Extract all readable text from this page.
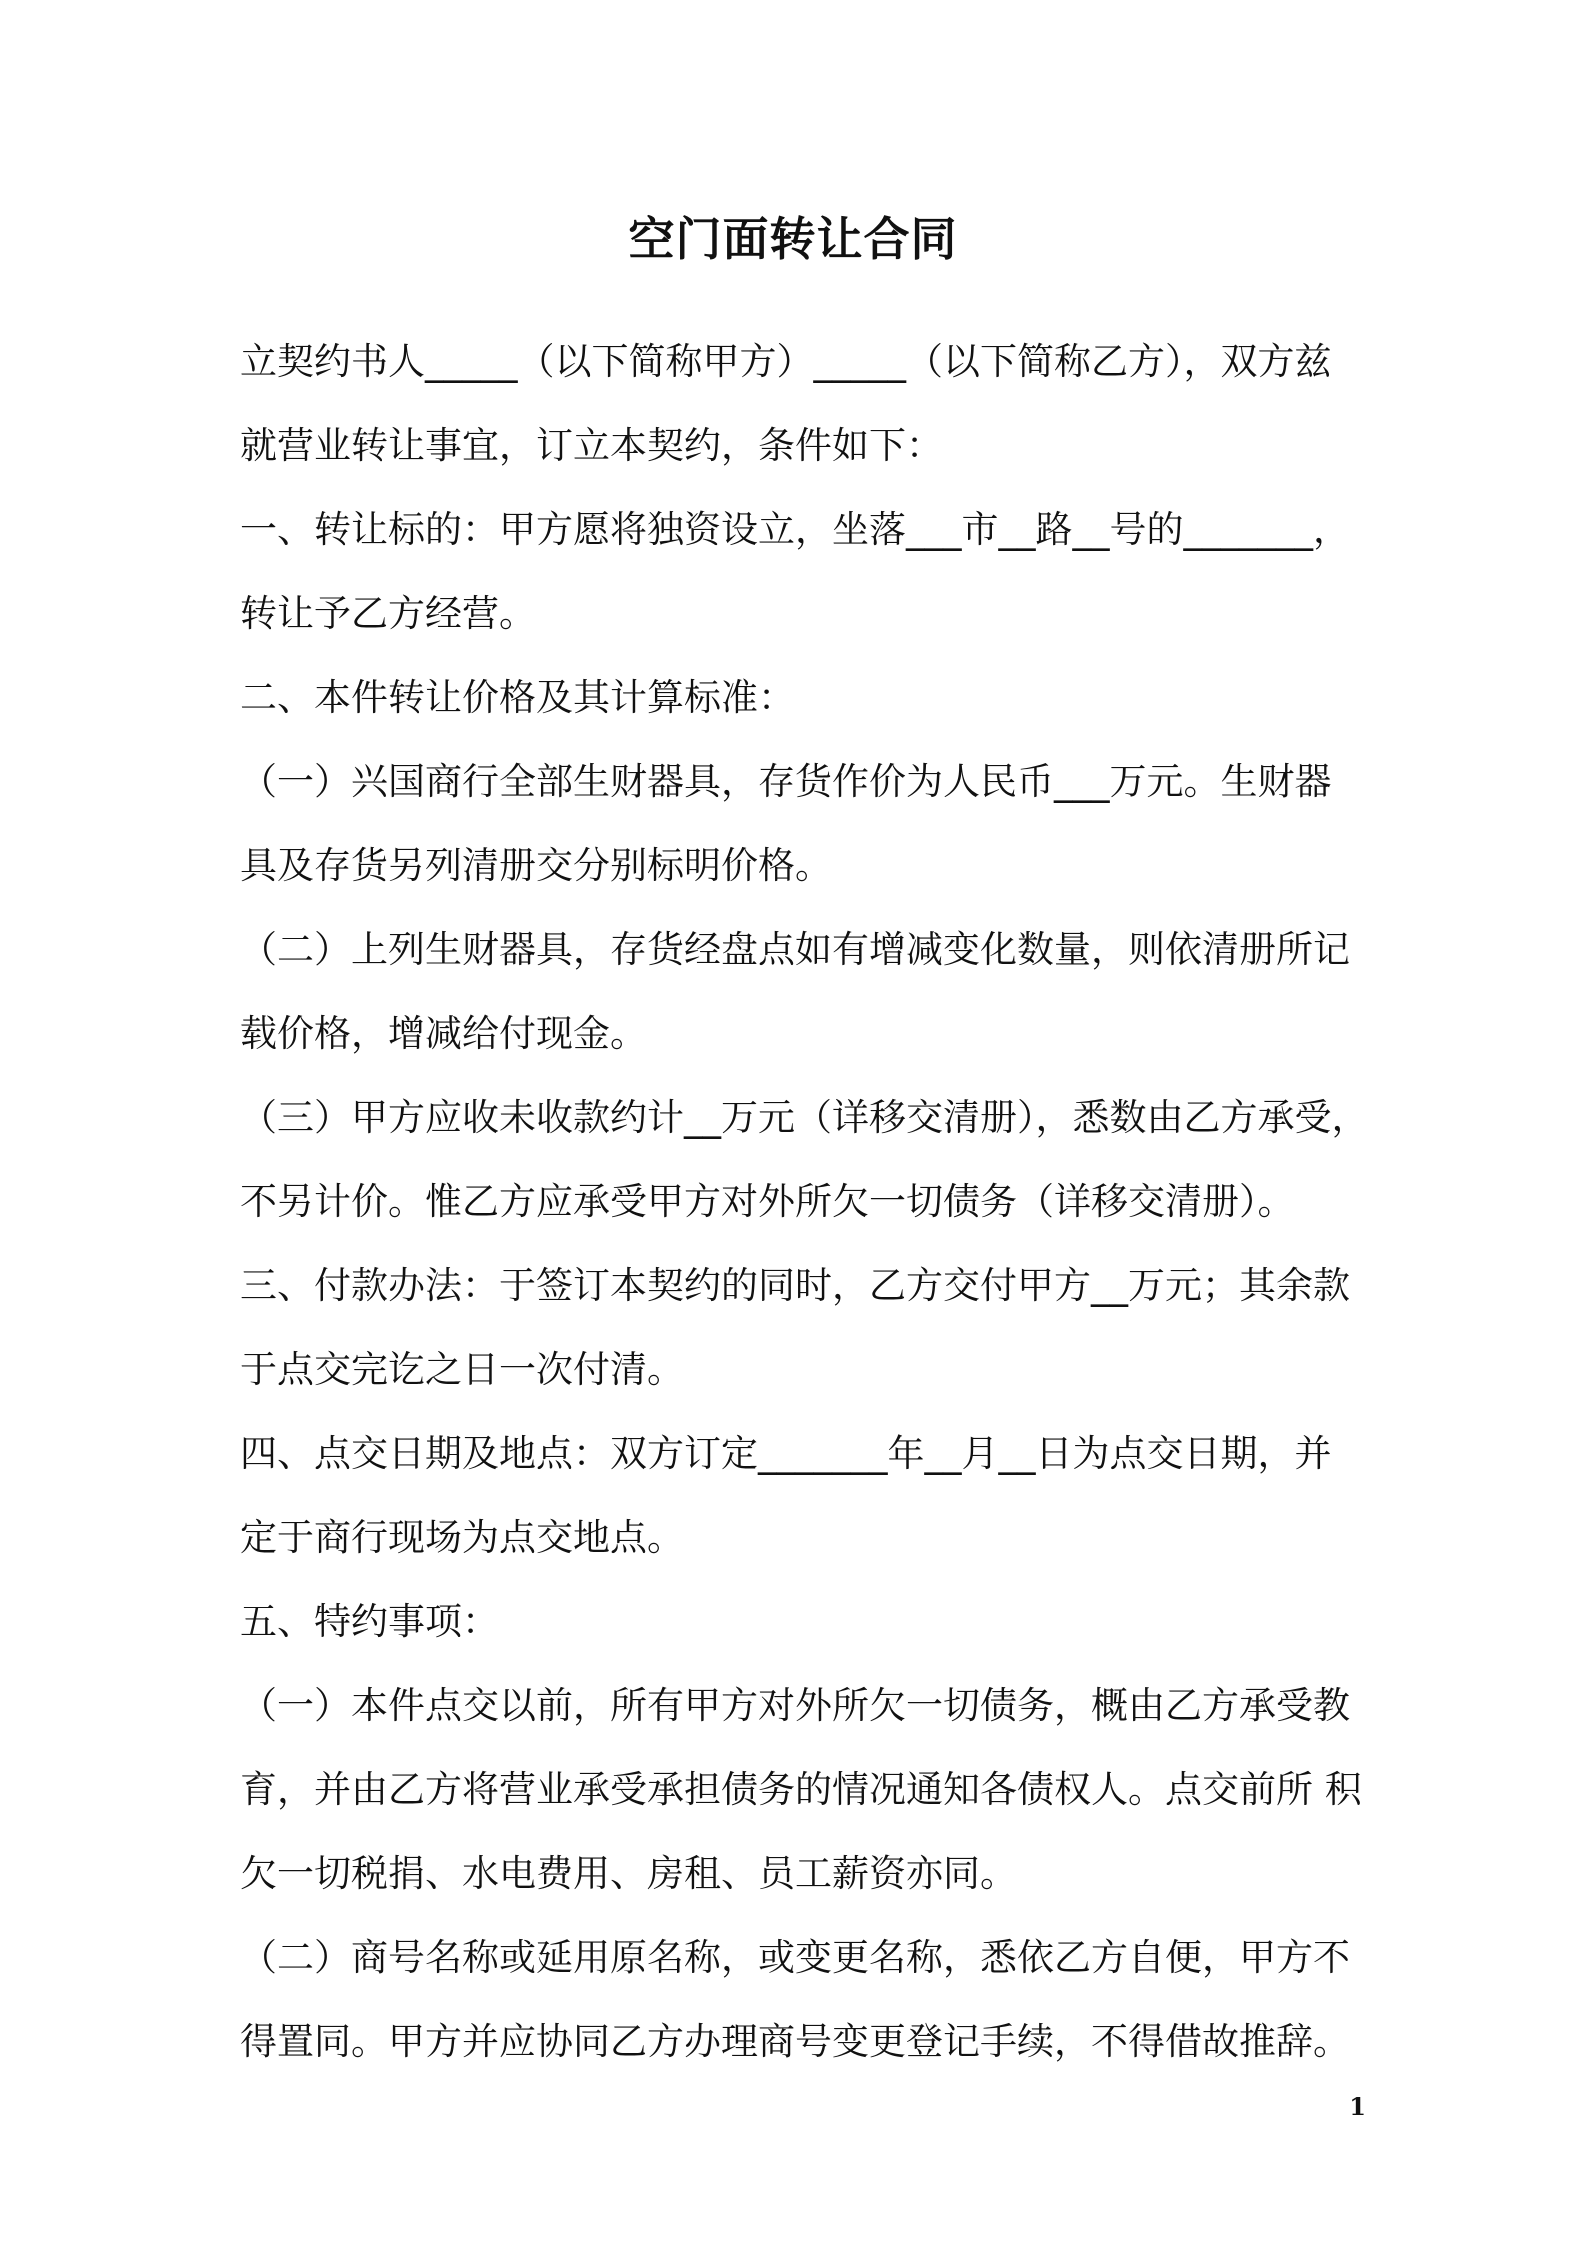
空门面转让合同
立契约书人_____（以下简称甲方）_____（以下简称乙方），双方兹
就营业转让事宜，订立本契约，条件如下：
一、转让标的：甲方愿将独资设立，坐落___市__路__号的_______，
转让予乙方经营。
二、本件转让价格及其计算标准：
（一）兴国商行全部生财器具，存货作价为人民币___万元。生财器
具及存货另列清册交分别标明价格。
（二）上列生财器具，存货经盘点如有增减变化数量，则依清册所记
载价格，增减给付现金。
（三）甲方应收未收款约计__万元（详移交清册），悉数由乙方承受，
不另计价。惟乙方应承受甲方对外所欠一切债务（详移交清册）。
三、付款办法：于签订本契约的同时，乙方交付甲方__万元；其余款
于点交完讫之日一次付清。
四、点交日期及地点：双方订定_______年__月__日为点交日期，并
定于商行现场为点交地点。
五、特约事项：
（一）本件点交以前，所有甲方对外所欠一切债务，概由乙方承受教
育，并由乙方将营业承受承担债务的情况通知各债权人。点交前所 积
欠一切税捐、水电费用、房租、员工薪资亦同。
（二）商号名称或延用原名称，或变更名称，悉依乙方自便，甲方不
得置同。甲方并应协同乙方办理商号变更登记手续，不得借故推辞。
1
